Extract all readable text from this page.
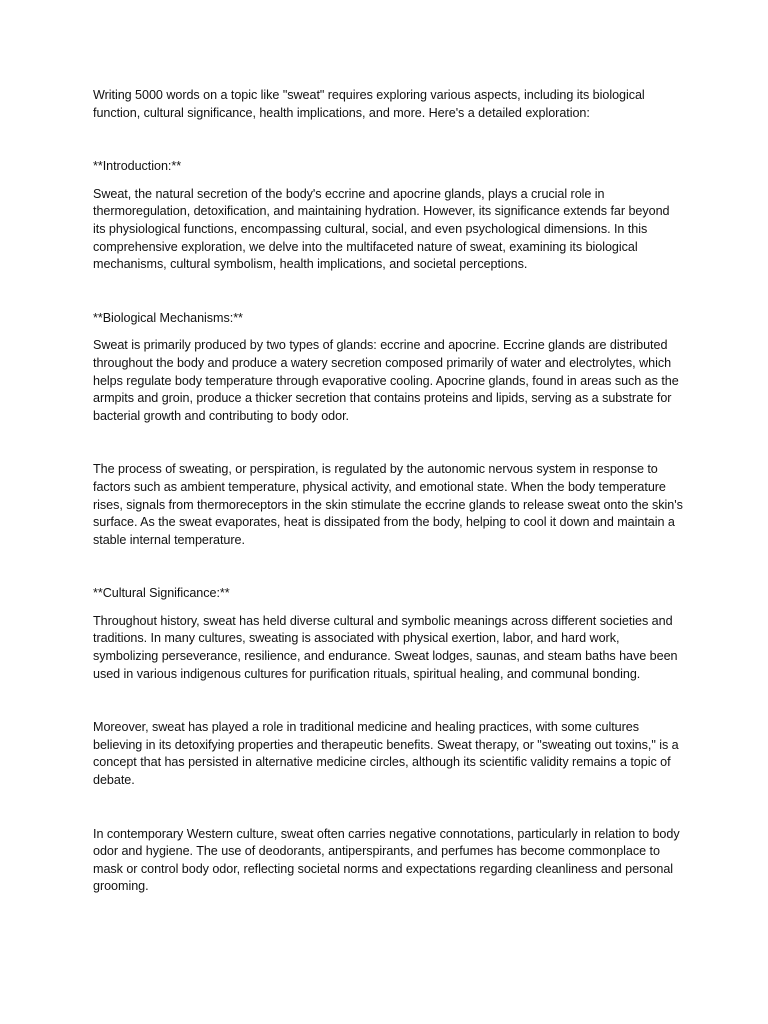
Writing 5000 words on a topic like "sweat" requires exploring various aspects, including its biological function, cultural significance, health implications, and more. Here's a detailed exploration:

**Introduction:**

Sweat, the natural secretion of the body's eccrine and apocrine glands, plays a crucial role in thermoregulation, detoxification, and maintaining hydration. However, its significance extends far beyond its physiological functions, encompassing cultural, social, and even psychological dimensions. In this comprehensive exploration, we delve into the multifaceted nature of sweat, examining its biological mechanisms, cultural symbolism, health implications, and societal perceptions.

**Biological Mechanisms:**

Sweat is primarily produced by two types of glands: eccrine and apocrine. Eccrine glands are distributed throughout the body and produce a watery secretion composed primarily of water and electrolytes, which helps regulate body temperature through evaporative cooling. Apocrine glands, found in areas such as the armpits and groin, produce a thicker secretion that contains proteins and lipids, serving as a substrate for bacterial growth and contributing to body odor.

The process of sweating, or perspiration, is regulated by the autonomic nervous system in response to factors such as ambient temperature, physical activity, and emotional state. When the body temperature rises, signals from thermoreceptors in the skin stimulate the eccrine glands to release sweat onto the skin's surface. As the sweat evaporates, heat is dissipated from the body, helping to cool it down and maintain a stable internal temperature.

**Cultural Significance:**

Throughout history, sweat has held diverse cultural and symbolic meanings across different societies and traditions. In many cultures, sweating is associated with physical exertion, labor, and hard work, symbolizing perseverance, resilience, and endurance. Sweat lodges, saunas, and steam baths have been used in various indigenous cultures for purification rituals, spiritual healing, and communal bonding.

Moreover, sweat has played a role in traditional medicine and healing practices, with some cultures believing in its detoxifying properties and therapeutic benefits. Sweat therapy, or "sweating out toxins," is a concept that has persisted in alternative medicine circles, although its scientific validity remains a topic of debate.

In contemporary Western culture, sweat often carries negative connotations, particularly in relation to body odor and hygiene. The use of deodorants, antiperspirants, and perfumes has become commonplace to mask or control body odor, reflecting societal norms and expectations regarding cleanliness and personal grooming.
